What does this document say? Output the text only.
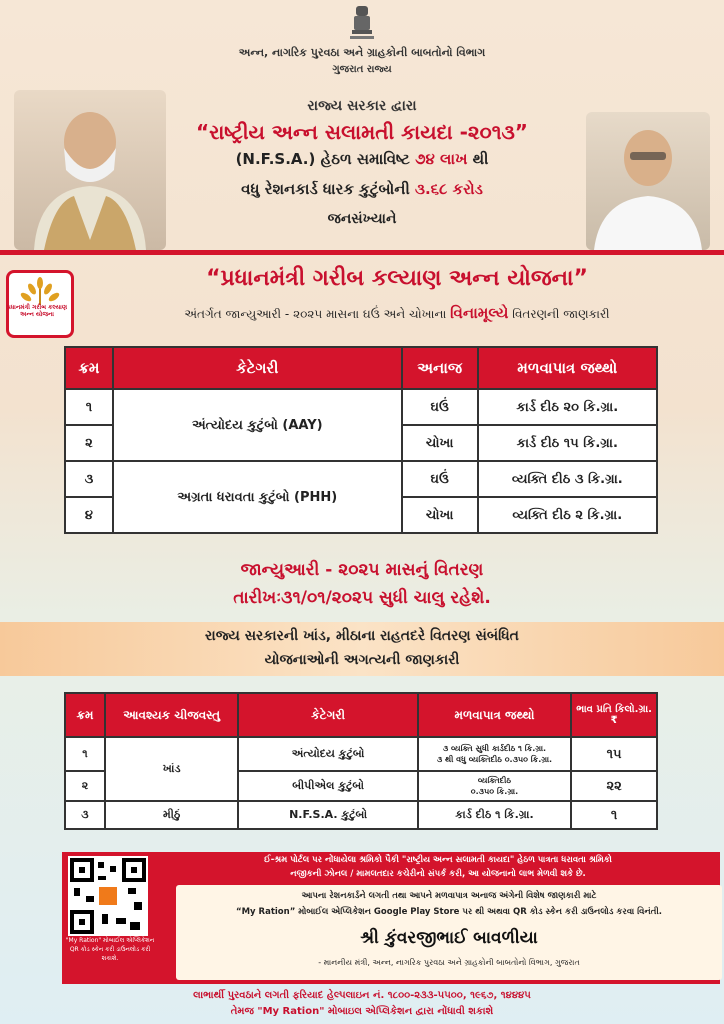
અન્ન, નાગરિક પુરવઠા અને ગ્રાહકોની બાબતોનો વિભાગ
ગુજરાત રાજ્ય
રાજ્ય સરકાર દ્વારા
“રાષ્ટ્રીય અન્ન સલામતી કાયદા -૨૦૧૩”
(N.F.S.A.) હેઠળ સમાવિષ્ટ ૭૪ લાખ થી
વધુ રેશનકાર્ડ ધારક કુટુંબોની ૩.૬૮ કરોડ
જનસંખ્યાને
પ્રધાનમંત્રી ગરીબ કલ્યાણ અન્ન યોજના
“પ્રધાનમંત્રી ગરીબ કલ્યાણ અન્ન યોજના”
અંતર્ગત જાન્યુઆરી - ૨૦૨૫ માસના ઘઉં અને ચોખાના વિનામૂલ્યે વિતરણની જાણકારી
ક્રમ	કેટેગરી	અનાજ	મળવાપાત્ર જથ્થો
૧	અંત્યોદય કુટુંબો (AAY)	ઘઉં	કાર્ડ દીઠ ૨૦ કિ.ગ્રા.
૨		ચોખા	કાર્ડ દીઠ ૧૫ કિ.ગ્રા.
૩	અગ્રતા ધરાવતા કુટુંબો (PHH)	ઘઉં	વ્યક્તિ દીઠ ૩ કિ.ગ્રા.
૪		ચોખા	વ્યક્તિ દીઠ ૨ કિ.ગ્રા.
જાન્યુઆરી - ૨૦૨૫ માસનું વિતરણ
તારીખઃ૩૧/૦૧/૨૦૨૫ સુધી ચાલુ રહેશે.
રાજ્ય સરકારની ખાંડ, મીઠાના રાહતદરે વિતરણ સંબંધિત
યોજનાઓની અગત્યની જાણકારી
ક્રમ	આવશ્યક ચીજવસ્તુ	કેટેગરી	મળવાપાત્ર જથ્થો	ભાવ પ્રતિ કિલો.ગ્રા.₹
૧	ખાંડ	અંત્યોદય કુટુંબો	૩ વ્યક્તિ સુધી કાર્ડદીઠ ૧ કિ.ગ્રા.
૩ થી વધુ વ્યક્તિદીઠ ૦.૩૫૦ કિ.ગ્રા.	૧૫
૨		બીપીએલ કુટુંબો	વ્યક્તિદીઠ
૦.૩૫૦ કિ.ગ્રા.	૨૨
૩	મીઠું	N.F.S.A. કુટુંબો	કાર્ડ દીઠ ૧ કિ.ગ્રા.	૧
"My Ration" મોબાઈલ એપ્લિકેશન QR કોડ સ્કેન કરી ડાઉનલોડ કરી શકાશે.
ઈ-શ્રમ પોર્ટલ પર નોંધાયેલા શ્રમિકો પૈકી "રાષ્ટ્રીય અન્ન સલામતી કાયદા" હેઠળ પાત્રતા ધરાવતા શ્રમિકો
નજીકની ઝોનલ / મામલતદાર કચેરીનો સંપર્ક કરી, આ યોજનાનો લાભ મેળવી શકે છે.
આપના રેશનકાર્ડને લગતી તથા આપને મળવાપાત્ર અનાજ અંગેની વિશેષ જાણકારી માટે
“My Ration” મોબાઈલ એપ્લિકેશન Google Play Store પર થી અથવા QR કોડ સ્કેન કરી ડાઉનલોડ કરવા વિનંતી.
શ્રી કુંવરજીભાઈ બાવળીયા
- માનનીય મંત્રી, અન્ન, નાગરિક પુરવઠા અને ગ્રાહકોની બાબતોનો વિભાગ, ગુજરાત
લાભાર્થી પુરવઠાને લગતી ફરિયાદ હેલ્પલાઇન નં. ૧૮૦૦-૨૩૩-૫૫૦૦, ૧૯૬૭, ૧૪૪૪૫
તેમજ "My Ration" મોબાઇલ એપ્લિકેશન દ્વારા નોંધાવી શકાશે
